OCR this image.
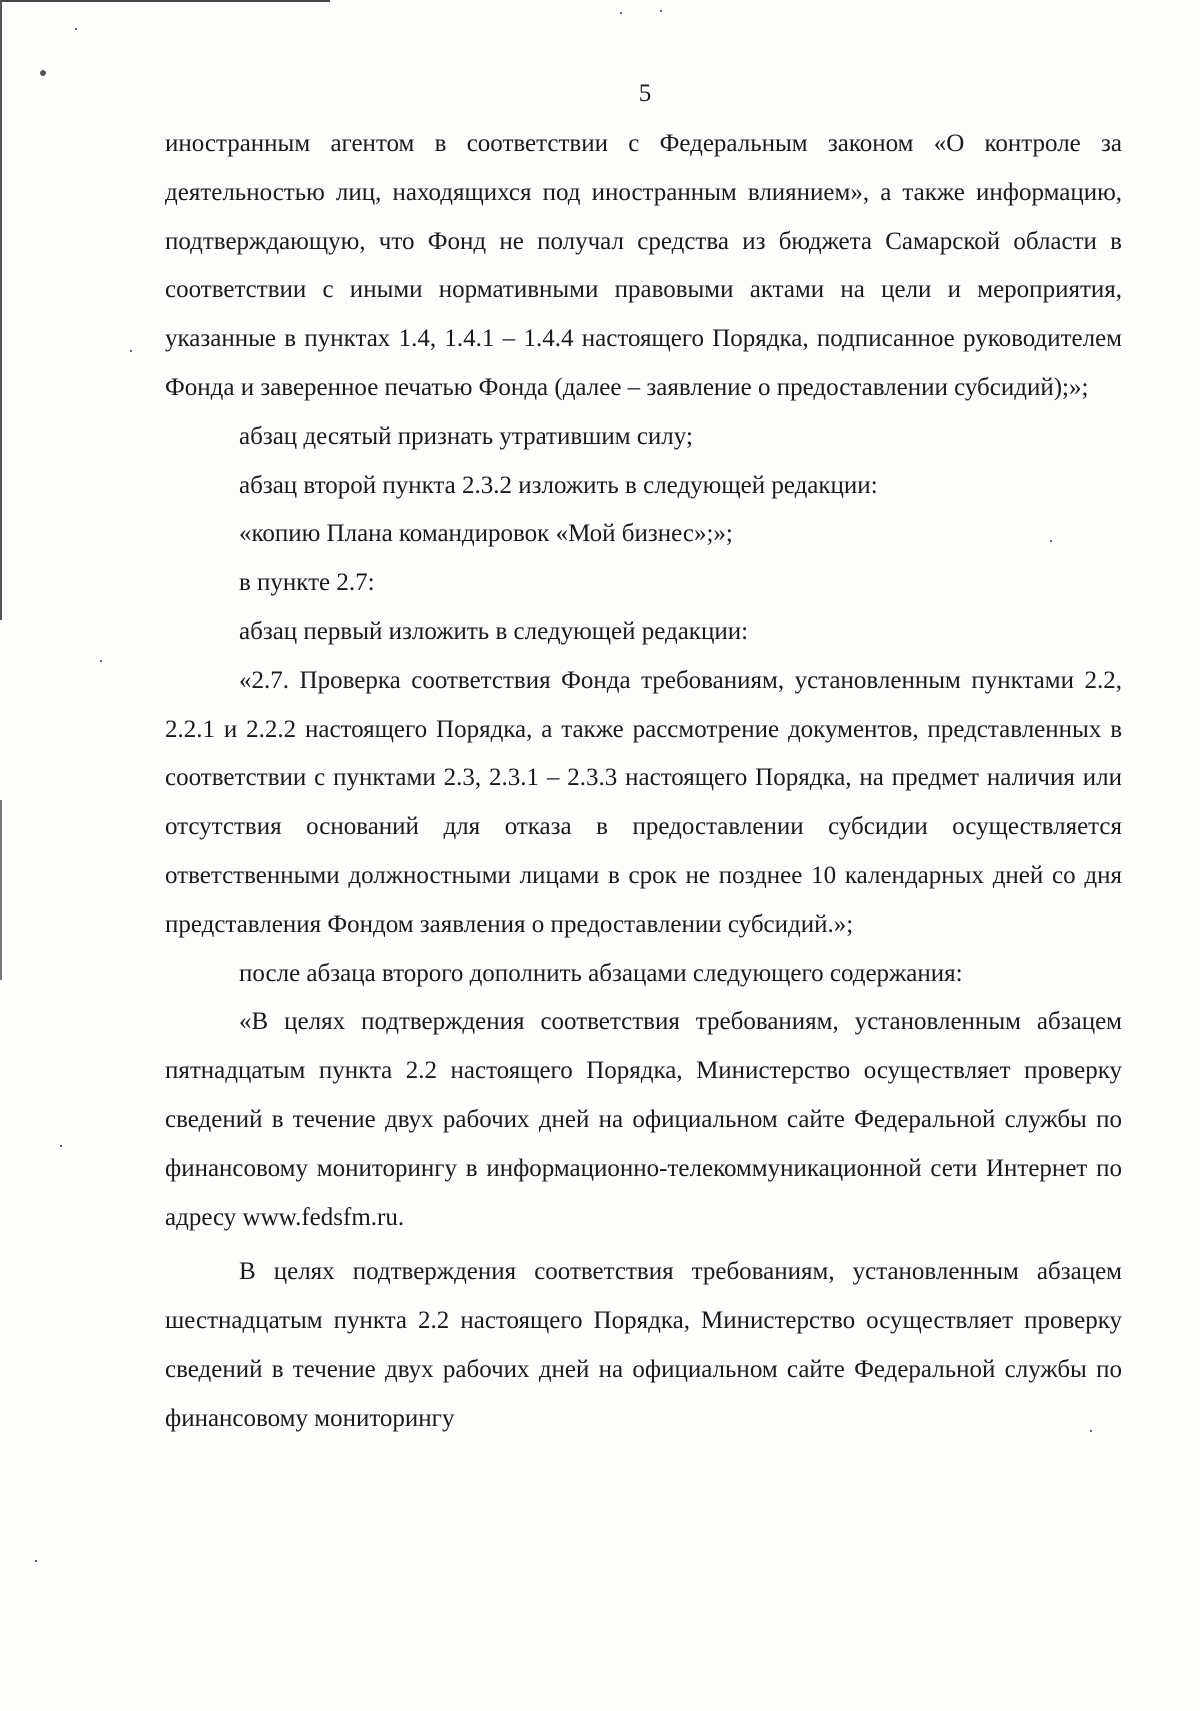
5

иностранным агентом в соответствии с Федеральным законом «О контроле за деятельностью лиц, находящихся под иностранным влиянием», а также информацию, подтверждающую, что Фонд не получал средства из бюджета Самарской области в соответствии с иными нормативными правовыми актами на цели и мероприятия, указанные в пунктах 1.4, 1.4.1 – 1.4.4 настоящего Порядка, подписанное руководителем Фонда и заверенное печатью Фонда (далее – заявление о предоставлении субсидий);»;

абзац десятый признать утратившим силу;

абзац второй пункта 2.3.2 изложить в следующей редакции:

«копию Плана командировок «Мой бизнес»;»;

в пункте 2.7:

абзац первый изложить в следующей редакции:

«2.7. Проверка соответствия Фонда требованиям, установленным пунктами 2.2, 2.2.1 и 2.2.2 настоящего Порядка, а также рассмотрение документов, представленных в соответствии с пунктами 2.3, 2.3.1 – 2.3.3 настоящего Порядка, на предмет наличия или отсутствия оснований для отказа в предоставлении субсидии осуществляется ответственными должностными лицами в срок не позднее 10 календарных дней со дня представления Фондом заявления о предоставлении субсидий.»;

после абзаца второго дополнить абзацами следующего содержания:

«В целях подтверждения соответствия требованиям, установленным абзацем пятнадцатым пункта 2.2 настоящего Порядка, Министерство осуществляет проверку сведений в течение двух рабочих дней на официальном сайте Федеральной службы по финансовому мониторингу в информационно-телекоммуникационной сети Интернет по адресу www.fedsfm.ru.

В целях подтверждения соответствия требованиям, установленным абзацем шестнадцатым пункта 2.2 настоящего Порядка, Министерство осуществляет проверку сведений в течение двух рабочих дней на официальном сайте Федеральной службы по финансовому мониторингу
